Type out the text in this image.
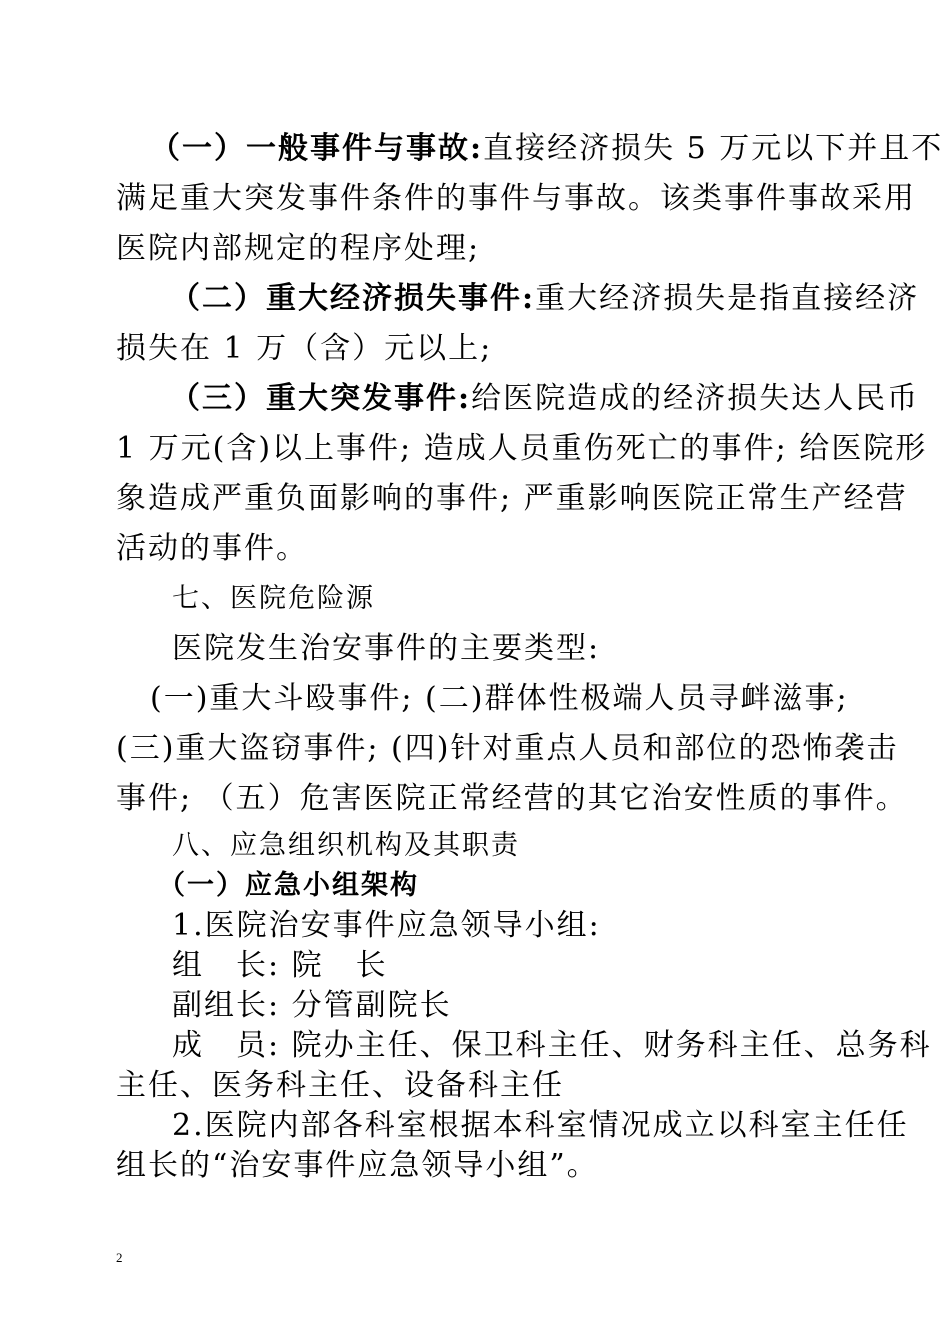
（一）一般事件与事故:直接经济损失 5 万元以下并且不
满足重大突发事件条件的事件与事故。该类事件事故采用
医院内部规定的程序处理;
（二）重大经济损失事件:重大经济损失是指直接经济
损失在 1 万（含）元以上;
（三）重大突发事件:给医院造成的经济损失达人民币
1 万元(含)以上事件; 造成人员重伤死亡的事件; 给医院形
象造成严重负面影响的事件; 严重影响医院正常生产经营
活动的事件。
七、医院危险源
医院发生治安事件的主要类型:
(一)重大斗殴事件; (二)群体性极端人员寻衅滋事;
(三)重大盗窃事件; (四)针对重点人员和部位的恐怖袭击
事件; （五）危害医院正常经营的其它治安性质的事件。
八、应急组织机构及其职责
（一）应急小组架构
1.医院治安事件应急领导小组:
组　长: 院　长
副组长: 分管副院长
成　员: 院办主任、保卫科主任、财务科主任、总务科
主任、医务科主任、设备科主任
2.医院内部各科室根据本科室情况成立以科室主任任
组长的“治安事件应急领导小组”。
2
